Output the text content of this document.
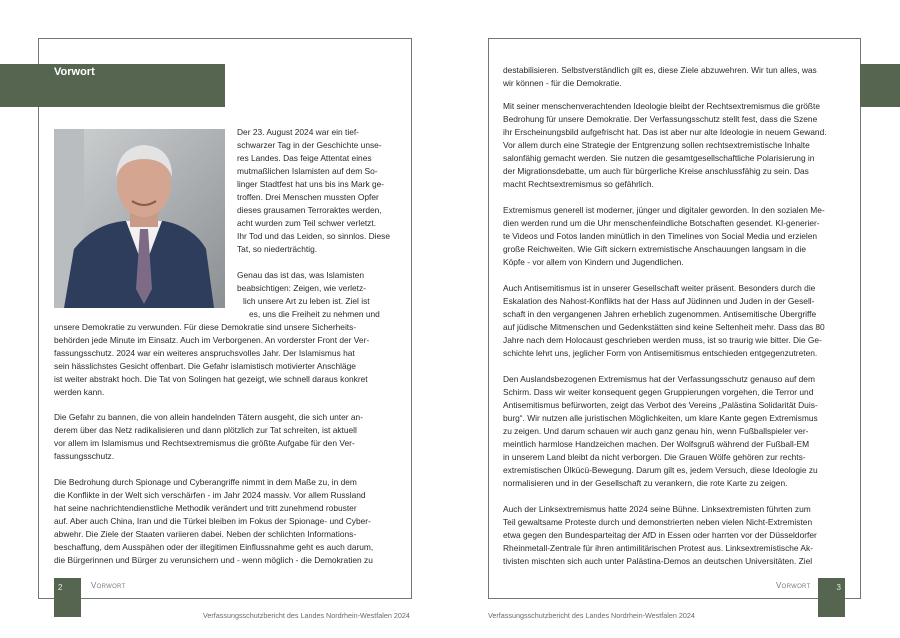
Vorwort
Der 23. August 2024 war ein tief-
schwarzer Tag in der Geschichte unse-
res Landes. Das feige Attentat eines
mutmaßlichen Islamisten auf dem So-
linger Stadtfest hat uns bis ins Mark ge-
troffen. Drei Menschen mussten Opfer
dieses grausamen Terroraktes werden,
acht wurden zum Teil schwer verletzt.
Ihr Tod und das Leiden, so sinnlos. Diese
Tat, so niederträchtig.
Genau das ist das, was Islamisten
beabsichtigen: Zeigen, wie verletz-
lich unsere Art zu leben ist. Ziel ist
es, uns die Freiheit zu nehmen und
unsere Demokratie zu verwunden. Für diese Demokratie sind unsere Sicherheits-
behörden jede Minute im Einsatz. Auch im Verborgenen. An vorderster Front der Ver-
fassungsschutz. 2024 war ein weiteres anspruchsvolles Jahr. Der Islamismus hat
sein hässlichstes Gesicht offenbart. Die Gefahr islamistisch motivierter Anschläge
ist weiter abstrakt hoch. Die Tat von Solingen hat gezeigt, wie schnell daraus konkret
werden kann.
Die Gefahr zu bannen, die von allein handelnden Tätern ausgeht, die sich unter an-
derem über das Netz radikalisieren und dann plötzlich zur Tat schreiten, ist aktuell
vor allem im Islamismus und Rechtsextremismus die größte Aufgabe für den Ver-
fassungsschutz.
Die Bedrohung durch Spionage und Cyberangriffe nimmt in dem Maße zu, in dem
die Konflikte in der Welt sich verschärfen - im Jahr 2024 massiv. Vor allem Russland
hat seine nachrichtendienstliche Methodik verändert und tritt zunehmend robuster
auf. Aber auch China, Iran und die Türkei bleiben im Fokus der Spionage- und Cyber-
abwehr. Die Ziele der Staaten variieren dabei. Neben der schlichten Informations-
beschaffung, dem Ausspähen oder der illegitimen Einflussnahme geht es auch darum,
die Bürgerinnen und Bürger zu verunsichern und - wenn möglich - die Demokratien zu
destabilisieren. Selbstverständlich gilt es, diese Ziele abzuwehren. Wir tun alles, was
wir können - für die Demokratie.
Mit seiner menschenverachtenden Ideologie bleibt der Rechtsextremismus die größte
Bedrohung für unsere Demokratie. Der Verfassungsschutz stellt fest, dass die Szene
ihr Erscheinungsbild aufgefrischt hat. Das ist aber nur alte Ideologie in neuem Gewand.
Vor allem durch eine Strategie der Entgrenzung sollen rechtsextremistische Inhalte
salonfähig gemacht werden. Sie nutzen die gesamtgesellschaftliche Polarisierung in
der Migrationsdebatte, um auch für bürgerliche Kreise anschlussfähig zu sein. Das
macht Rechtsextremismus so gefährlich.
Extremismus generell ist moderner, jünger und digitaler geworden. In den sozialen Me-
dien werden rund um die Uhr menschenfeindliche Botschaften gesendet. KI-generier-
te Videos und Fotos landen minütlich in den Timelines von Social Media und erzielen
große Reichweiten. Wie Gift sickern extremistische Anschauungen langsam in die
Köpfe - vor allem von Kindern und Jugendlichen.
Auch Antisemitismus ist in unserer Gesellschaft weiter präsent. Besonders durch die
Eskalation des Nahost-Konflikts hat der Hass auf Jüdinnen und Juden in der Gesell-
schaft in den vergangenen Jahren erheblich zugenommen. Antisemitische Übergriffe
auf jüdische Mitmenschen und Gedenkstätten sind keine Seltenheit mehr. Dass das 80
Jahre nach dem Holocaust geschrieben werden muss, ist so traurig wie bitter. Die Ge-
schichte lehrt uns, jeglicher Form von Antisemitismus entschieden entgegenzutreten.
Den Auslandsbezogenen Extremismus hat der Verfassungsschutz genauso auf dem
Schirm. Dass wir weiter konsequent gegen Gruppierungen vorgehen, die Terror und
Antisemitismus befürworten, zeigt das Verbot des Vereins „Palästina Solidarität Duis-
burg“. Wir nutzen alle juristischen Möglichkeiten, um klare Kante gegen Extremismus
zu zeigen. Und darum schauen wir auch ganz genau hin, wenn Fußballspieler ver-
meintlich harmlose Handzeichen machen. Der Wolfsgruß während der Fußball-EM
in unserem Land bleibt da nicht verborgen. Die Grauen Wölfe gehören zur rechts-
extremistischen Ülkücü-Bewegung. Darum gilt es, jedem Versuch, diese Ideologie zu
normalisieren und in der Gesellschaft zu verankern, die rote Karte zu zeigen.
Auch der Linksextremismus hatte 2024 seine Bühne. Linksextremisten führten zum
Teil gewaltsame Proteste durch und demonstrierten neben vielen Nicht-Extremisten
etwa gegen den Bundesparteitag der AfD in Essen oder harrten vor der Düsseldorfer
Rheinmetall-Zentrale für ihren antimilitärischen Protest aus. Linksextremistische Ak-
tivisten mischten sich auch unter Palästina-Demos an deutschen Universitäten. Ziel
2	Vorwort
Verfassungsschutzbericht des Landes Nordrhein-Westfalen 2024
3
Vorwort
Verfassungsschutzbericht des Landes Nordrhein-Westfalen 2024
